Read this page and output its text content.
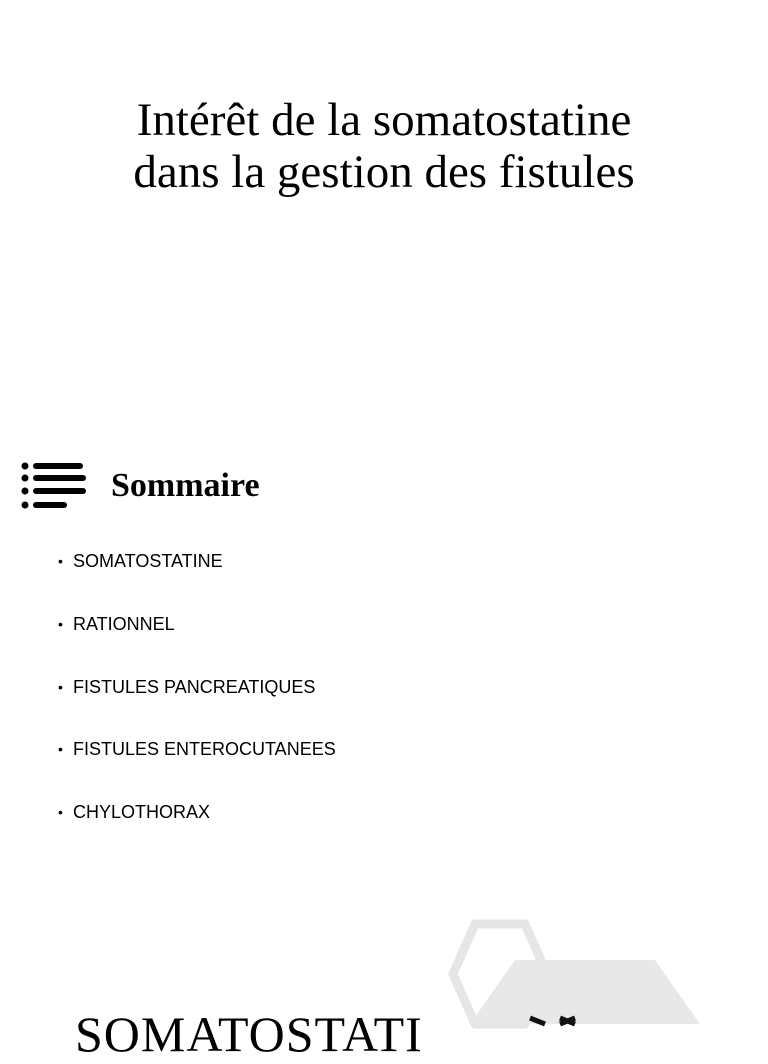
Intérêt de la somatostatine
dans la gestion des fistules
Sommaire
• SOMATOSTATINE
• RATIONNEL
• FISTULES PANCREATIQUES
• FISTULES ENTEROCUTANEES
• CHYLOTHORAX
SOMATOSTATI
